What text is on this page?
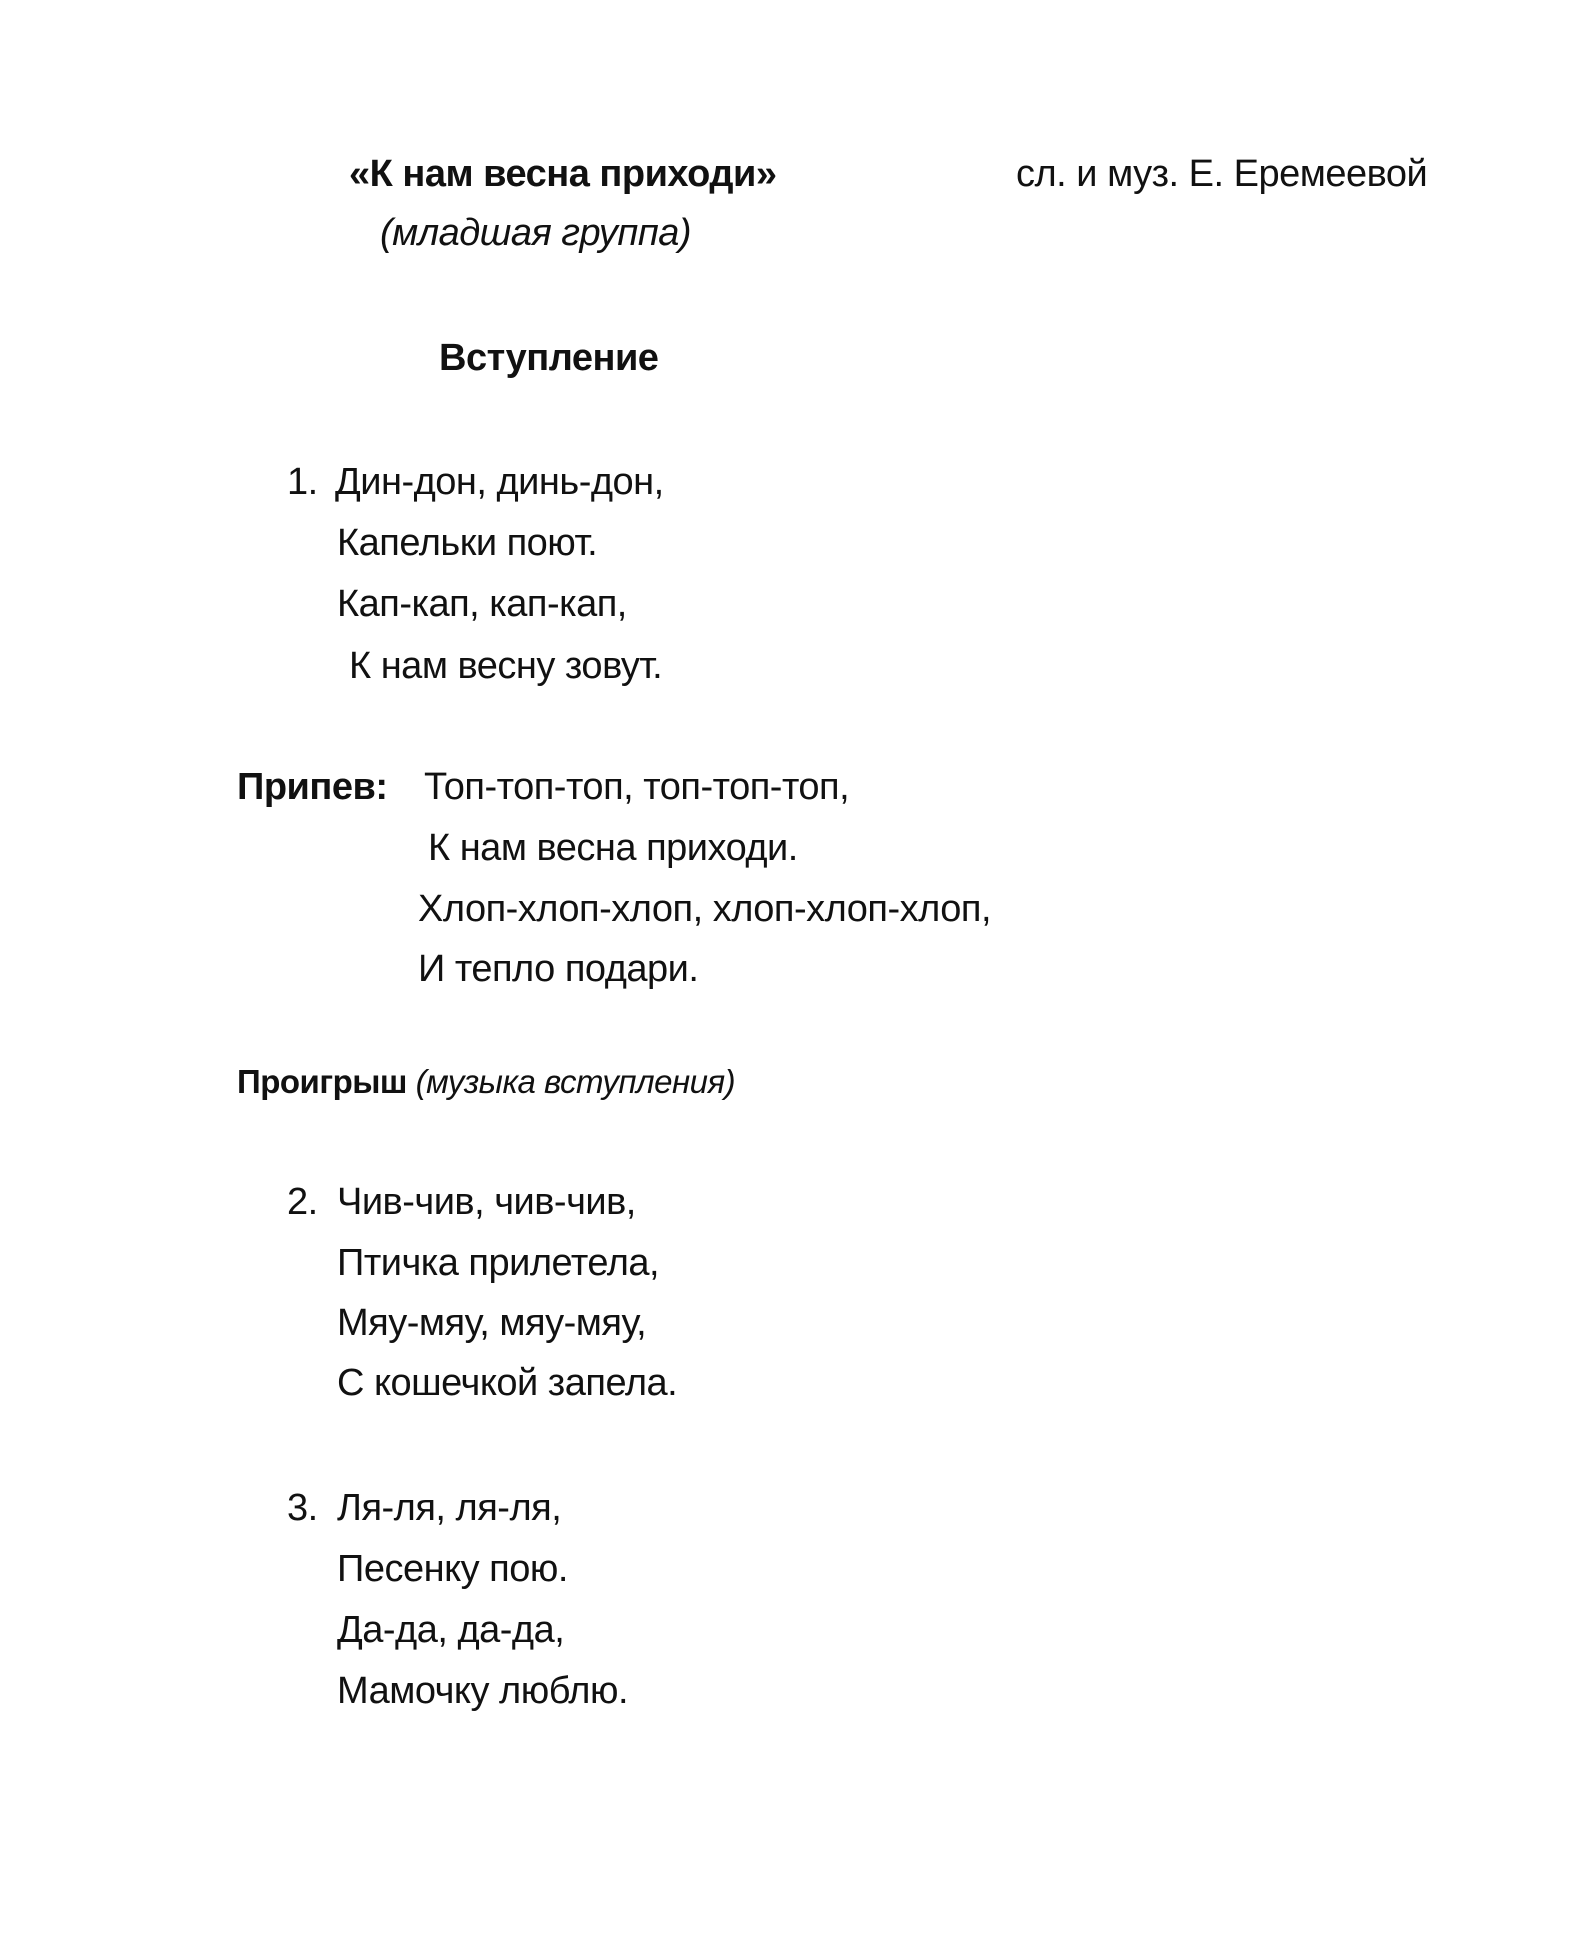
«К нам весна приходи»	сл. и муз. Е. Еремеевой
(младшая группа)
Вступление
1. Дин-дон, динь-дон,
Капельки поют.
Кап-кап, кап-кап,
К нам весну зовут.
Припев: Топ-топ-топ, топ-топ-топ,
К нам весна приходи.
Хлоп-хлоп-хлоп, хлоп-хлоп-хлоп,
И тепло подари.
Проигрыш (музыка вступления)
2. Чив-чив, чив-чив,
Птичка прилетела,
Мяу-мяу, мяу-мяу,
С кошечкой запела.
3. Ля-ля, ля-ля,
Песенку пою.
Да-да, да-да,
Мамочку люблю.
